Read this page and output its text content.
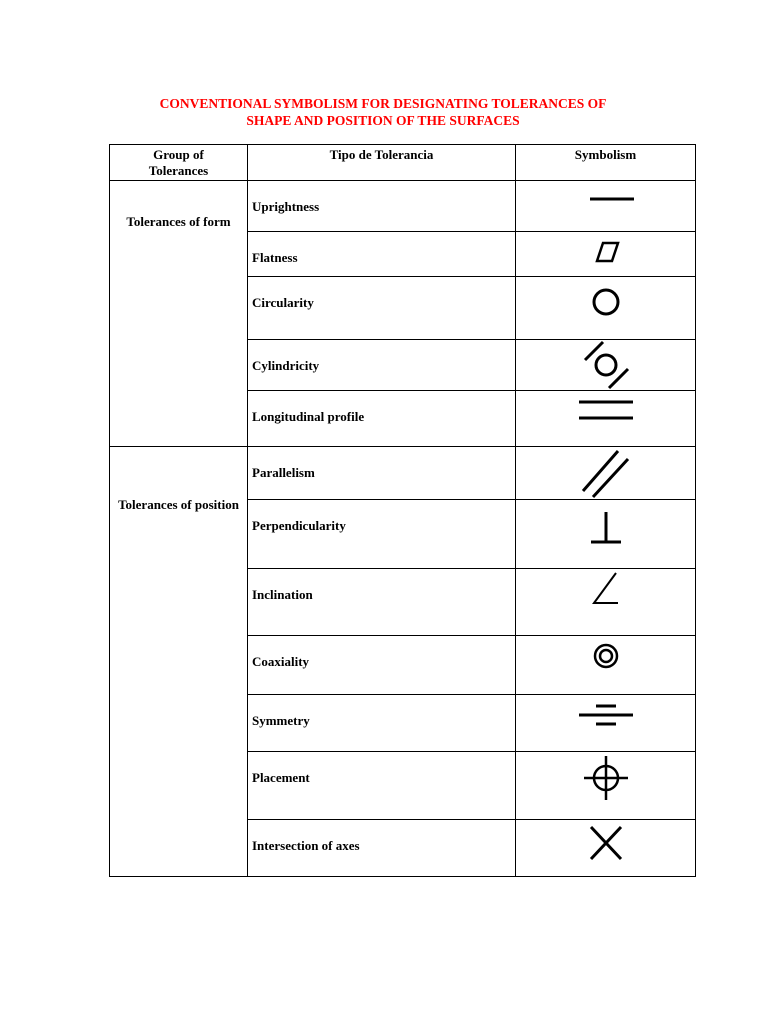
CONVENTIONAL SYMBOLISM FOR DESIGNATING TOLERANCES OF
SHAPE AND POSITION OF THE SURFACES
Group of Tolerances	Tipo de Tolerancia	Symbolism

Tolerances of form	Uprightness

	Flatness

	Circularity

	Cylindricity

	Longitudinal profile

Tolerances of position	Parallelism

	Perpendicularity

	Inclination

	Coaxiality

	Symmetry

	Placement

	Intersection of axes
